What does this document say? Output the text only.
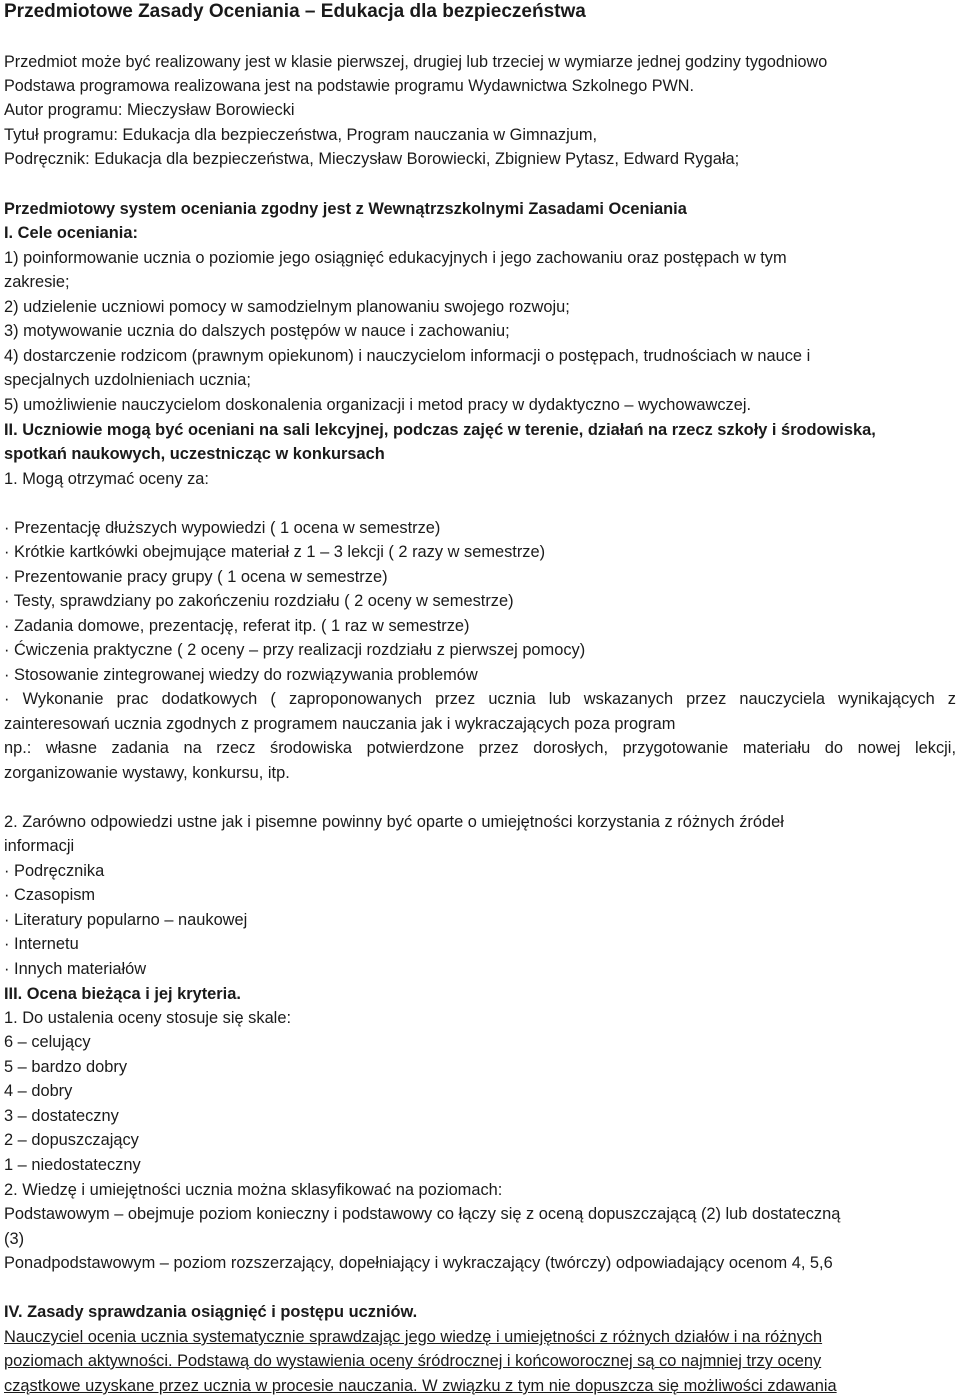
Przedmiotowe Zasady Oceniania – Edukacja dla bezpieczeństwa
Przedmiot może być realizowany jest w klasie pierwszej, drugiej lub trzeciej w wymiarze jednej godziny tygodniowo
Podstawa programowa realizowana jest na podstawie programu Wydawnictwa Szkolnego PWN.
Autor programu: Mieczysław Borowiecki
Tytuł programu: Edukacja dla bezpieczeństwa, Program nauczania w Gimnazjum,
Podręcznik: Edukacja dla bezpieczeństwa, Mieczysław Borowiecki, Zbigniew Pytasz, Edward Rygała;
Przedmiotowy system oceniania zgodny jest z Wewnątrzszkolnymi Zasadami Oceniania
I. Cele oceniania:
1) poinformowanie ucznia o poziomie jego osiągnięć edukacyjnych i jego zachowaniu oraz postępach w tym
zakresie;
2) udzielenie uczniowi pomocy w samodzielnym planowaniu swojego rozwoju;
3) motywowanie ucznia do dalszych postępów w nauce i zachowaniu;
4) dostarczenie rodzicom (prawnym opiekunom) i nauczycielom informacji o postępach, trudnościach w nauce i
specjalnych uzdolnieniach ucznia;
5) umożliwienie nauczycielom doskonalenia organizacji i metod pracy w dydaktyczno – wychowawczej.
II. Uczniowie mogą być oceniani na sali lekcyjnej, podczas zajęć w terenie, działań na rzecz szkoły i środowiska,
spotkań naukowych, uczestnicząc w konkursach
1. Mogą otrzymać oceny za:
· Prezentację dłuższych wypowiedzi ( 1 ocena w semestrze)
· Krótkie kartkówki obejmujące materiał z 1 – 3 lekcji ( 2 razy w semestrze)
· Prezentowanie pracy grupy ( 1 ocena w semestrze)
· Testy, sprawdziany po zakończeniu rozdziału ( 2 oceny w semestrze)
· Zadania domowe, prezentację, referat itp. ( 1 raz w semestrze)
· Ćwiczenia praktyczne ( 2 oceny – przy realizacji rozdziału z pierwszej pomocy)
· Stosowanie zintegrowanej wiedzy do rozwiązywania problemów
· Wykonanie prac dodatkowych ( zaproponowanych przez ucznia lub wskazanych przez nauczyciela wynikających z
zainteresowań ucznia zgodnych z programem nauczania jak i wykraczających poza program
np.: własne zadania na rzecz środowiska potwierdzone przez dorosłych, przygotowanie materiału do nowej lekcji,
zorganizowanie wystawy, konkursu, itp.
2. Zarówno odpowiedzi ustne jak i pisemne powinny być oparte o umiejętności korzystania z różnych źródeł
informacji
· Podręcznika
· Czasopism
· Literatury popularno – naukowej
· Internetu
· Innych materiałów
III. Ocena bieżąca i jej kryteria.
1. Do ustalenia oceny stosuje się skale:
6 – celujący
5 – bardzo dobry
4 – dobry
3 – dostateczny
2 – dopuszczający
1 – niedostateczny
2. Wiedzę i umiejętności ucznia można sklasyfikować na poziomach:
Podstawowym – obejmuje poziom konieczny i podstawowy co łączy się z oceną dopuszczającą (2) lub dostateczną
(3)
Ponadpodstawowym – poziom rozszerzający, dopełniający i wykraczający (twórczy) odpowiadający ocenom 4, 5,6
IV. Zasady sprawdzania osiągnięć i postępu uczniów.
Nauczyciel ocenia ucznia systematycznie sprawdzając jego wiedzę i umiejętności z różnych działów i na różnych
poziomach aktywności. Podstawą do wystawienia oceny śródrocznej i końcoworocznej są co najmniej trzy oceny
cząstkowe uzyskane przez ucznia w procesie nauczania. W związku z tym nie dopuszcza się możliwości zdawania
